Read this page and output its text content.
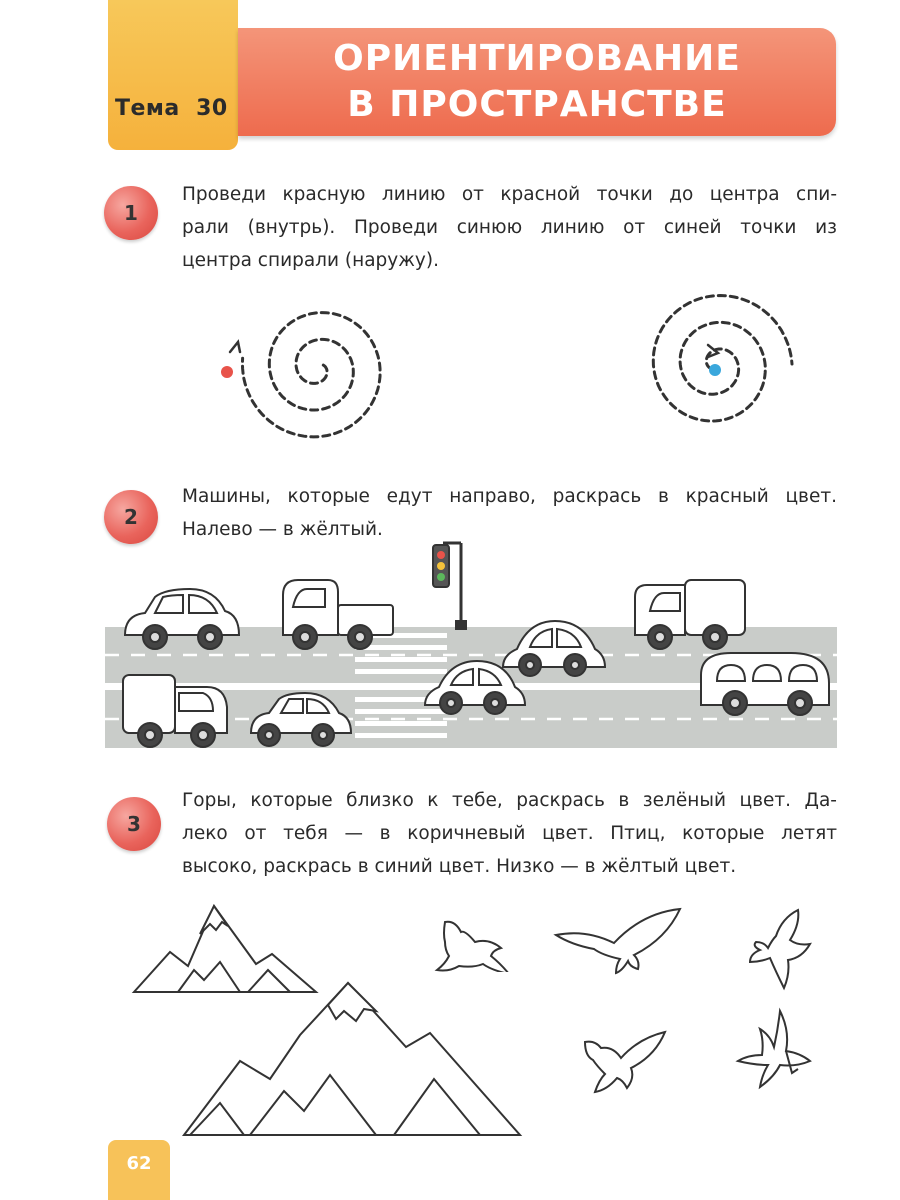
Тема  30
ОРИЕНТИРОВАНИЕ
В ПРОСТРАНСТВЕ
1
Проведи красную линию от красной точки до центра спи-
рали (внутрь). Проведи синюю линию от синей точки из
центра спирали (наружу).
2
Машины, которые едут направо, раскрась в красный цвет.
Налево — в жёлтый.
3
Горы, которые близко к тебе, раскрась в зелёный цвет. Да-
леко от тебя — в коричневый цвет. Птиц, которые летят
высоко, раскрась в синий цвет. Низко — в жёлтый цвет.
62
